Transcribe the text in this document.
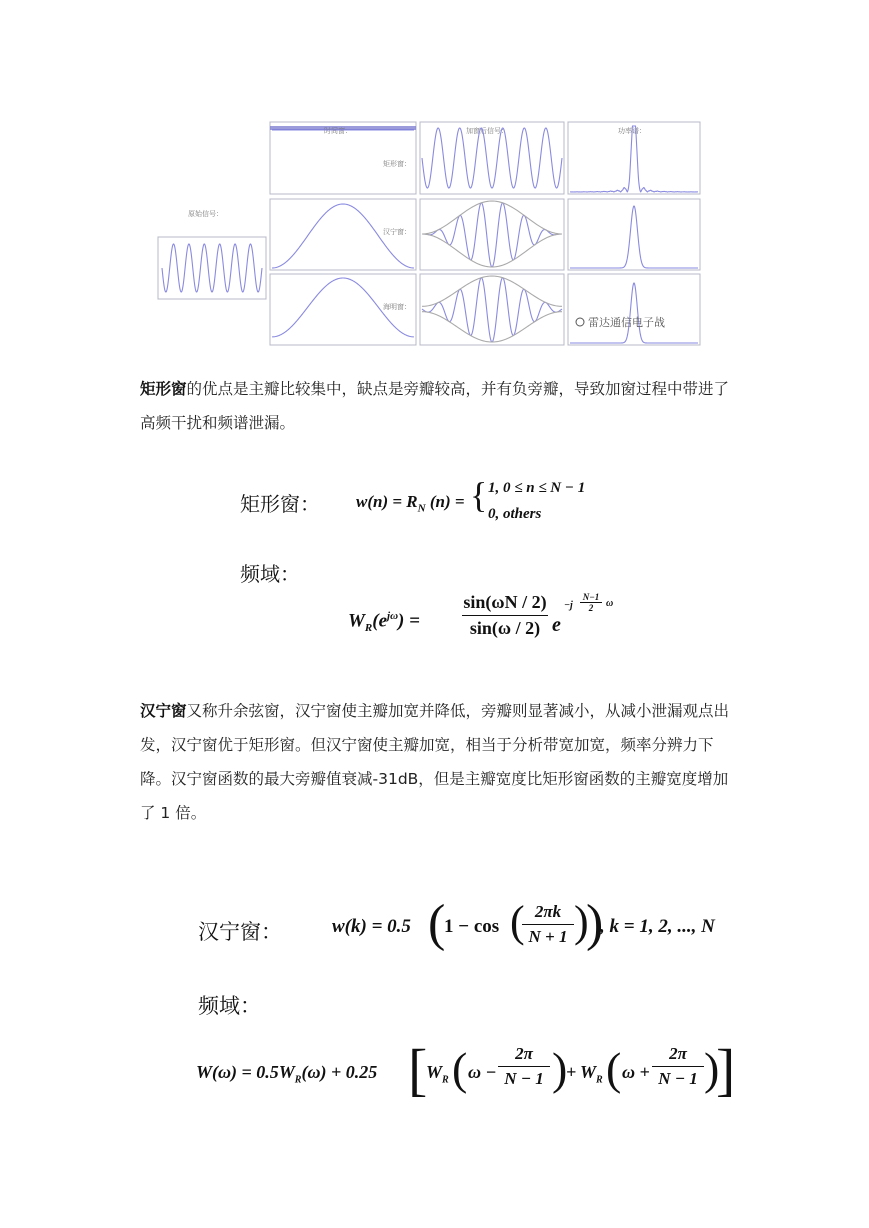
时间窗：	加窗后信号：	功率谱：
矩形窗：
汉宁窗：
海明窗：
原始信号：
雷达通信电子战

矩形窗的优点是主瓣比较集中，缺点是旁瓣较高，并有负旁瓣，导致加窗过程中带进了高频干扰和频谱泄漏。

矩形窗： $w(n) = R_N$ (n) = { 1, 0 ≤ n ≤ N − 1
0, others
频域：
$W_R(e^{j\omega})$ =
sin(ωN / 2)
sin(ω / 2) e
−j
N−1
2	ω

汉宁窗又称升余弦窗，汉宁窗使主瓣加宽并降低，旁瓣则显著减小，从减小泄漏观点出发，汉宁窗优于矩形窗。但汉宁窗使主瓣加宽，相当于分析带宽加宽，频率分辨力下降。汉宁窗函数的最大旁瓣值衰减-31dB，但是主瓣宽度比矩形窗函数的主瓣宽度增加了 1 倍。

汉宁窗：	w(k) = 0.5 (
1 − cos ( 2πk
N + 1 )
)
, k = 1, 2, ..., N
频域：
$W(\omega) = 0.5W_R(\omega) + 0.25$ [
$W_R$ ( ω −
2π
N − 1 )
+ $W_R$ ( ω +
2π
N − 1 )
]
